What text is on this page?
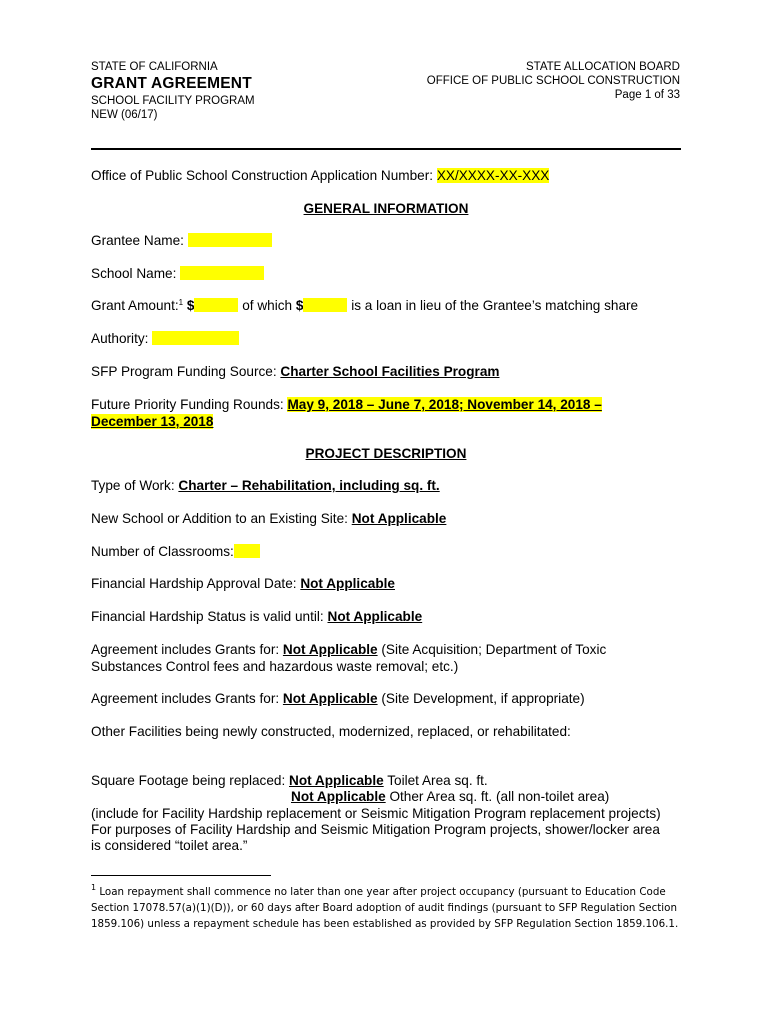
STATE OF CALIFORNIA
GRANT AGREEMENT
SCHOOL FACILITY PROGRAM
NEW (06/17)
STATE ALLOCATION BOARD
OFFICE OF PUBLIC SCHOOL CONSTRUCTION
Page 1 of 33
Office of Public School Construction Application Number: XX/XXXX-XX-XXX
GENERAL INFORMATION
Grantee Name:
School Name:
Grant Amount:$^1$ $	of which $	is a loan in lieu of the Grantee’s matching share
Authority:
SFP Program Funding Source: Charter School Facilities Program
Future Priority Funding Rounds: May 9, 2018 – June 7, 2018; November 14, 2018 – December 13, 2018
PROJECT DESCRIPTION
Type of Work: Charter – Rehabilitation, including sq. ft.
New School or Addition to an Existing Site: Not Applicable
Number of Classrooms:
Financial Hardship Approval Date: Not Applicable
Financial Hardship Status is valid until: Not Applicable
Agreement includes Grants for: Not Applicable (Site Acquisition; Department of Toxic Substances Control fees and hazardous waste removal; etc.)
Agreement includes Grants for: Not Applicable (Site Development, if appropriate)
Other Facilities being newly constructed, modernized, replaced, or rehabilitated:
Square Footage being replaced: Not Applicable Toilet Area sq. ft.
Not Applicable Other Area sq. ft. (all non-toilet area)
(include for Facility Hardship replacement or Seismic Mitigation Program replacement projects)
For purposes of Facility Hardship and Seismic Mitigation Program projects, shower/locker area
is considered “toilet area.”
$^1$ Loan repayment shall commence no later than one year after project occupancy (pursuant to Education Code Section 17078.57(a)(1)(D)), or 60 days after Board adoption of audit findings (pursuant to SFP Regulation Section 1859.106) unless a repayment schedule has been established as provided by SFP Regulation Section 1859.106.1.
